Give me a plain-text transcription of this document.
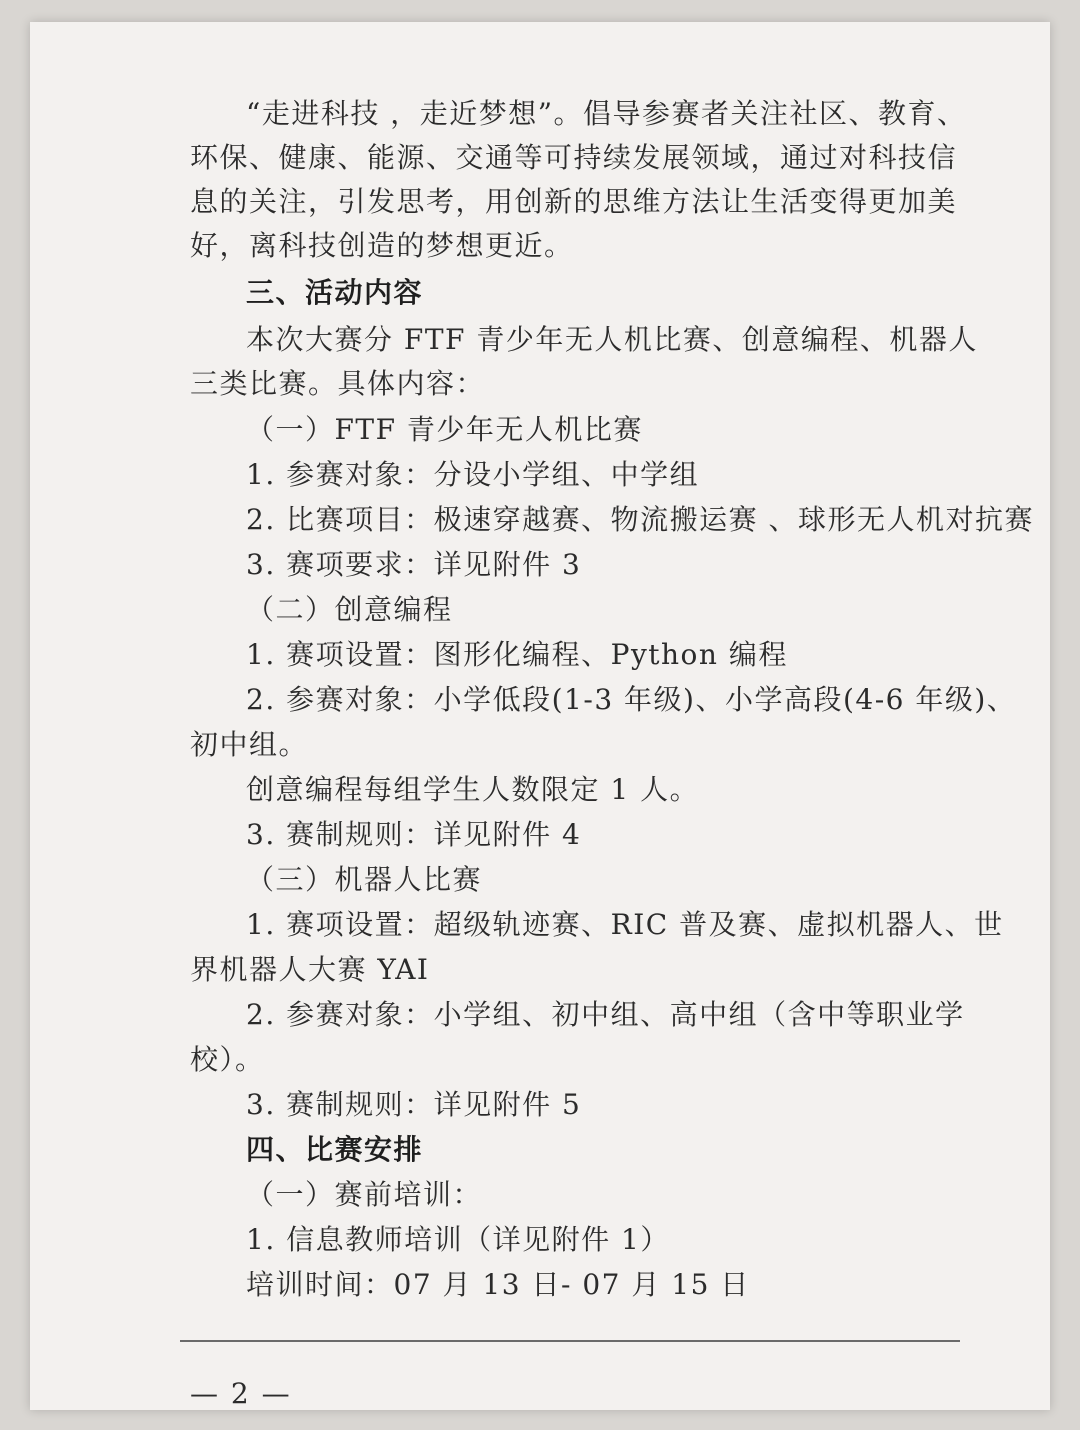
“走进科技 ，走近梦想”。倡导参赛者关注社区、教育、
环保、健康、能源、交通等可持续发展领域，通过对科技信
息的关注，引发思考，用创新的思维方法让生活变得更加美
好，离科技创造的梦想更近。
三、活动内容
本次大赛分 FTF 青少年无人机比赛、创意编程、机器人
三类比赛。具体内容：
（一）FTF 青少年无人机比赛
1. 参赛对象：分设小学组、中学组
2. 比赛项目：极速穿越赛、物流搬运赛 、球形无人机对抗赛
3. 赛项要求：详见附件 3
（二）创意编程
1. 赛项设置：图形化编程、Python 编程
2. 参赛对象：小学低段(1-3 年级)、小学高段(4-6 年级)、
初中组。
创意编程每组学生人数限定 1 人。
3. 赛制规则：详见附件 4
（三）机器人比赛
1. 赛项设置：超级轨迹赛、RIC 普及赛、虚拟机器人、世
界机器人大赛 YAI
2. 参赛对象：小学组、初中组、高中组（含中等职业学
校）。
3. 赛制规则：详见附件 5
四、比赛安排
（一）赛前培训：
1. 信息教师培训（详见附件 1）
培训时间：07 月 13 日- 07 月 15 日
— 2 —
